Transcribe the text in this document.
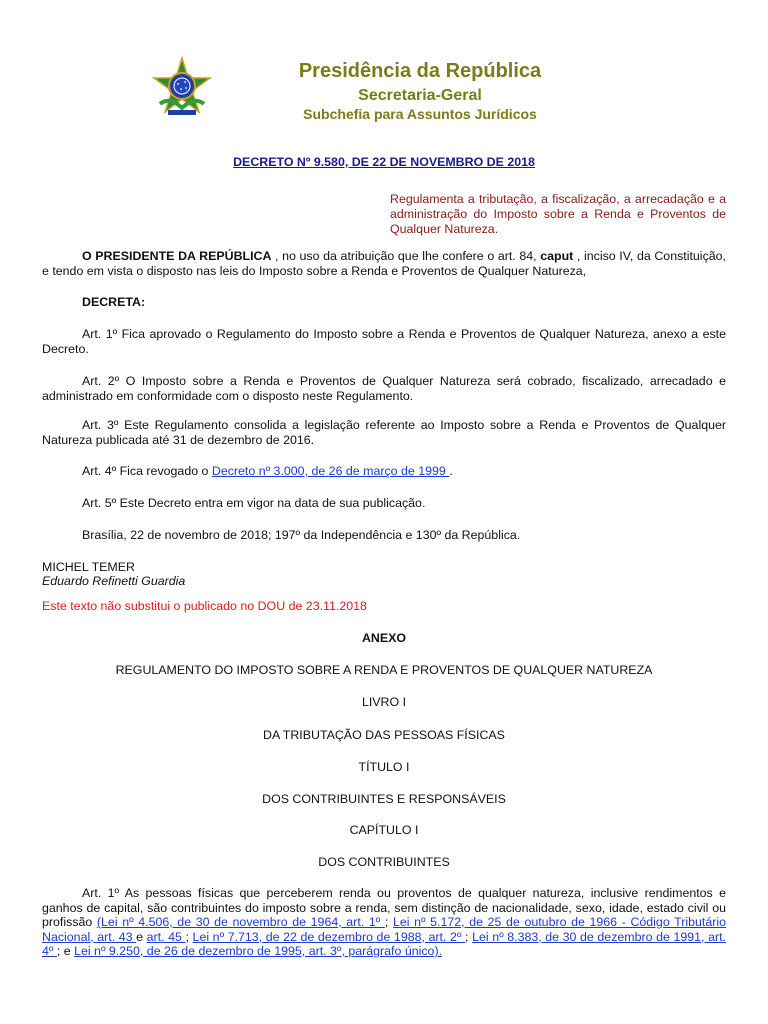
Presidência da República
Secretaria-Geral
Subchefia para Assuntos Jurídicos
DECRETO Nº 9.580, DE 22 DE NOVEMBRO DE 2018
Regulamenta a tributação, a fiscalização, a arrecadação e a administração do Imposto sobre a Renda e Proventos de Qualquer Natureza.
O PRESIDENTE DA REPÚBLICA , no uso da atribuição que lhe confere o art. 84, caput , inciso IV, da Constituição, e tendo em vista o disposto nas leis do Imposto sobre a Renda e Proventos de Qualquer Natureza,
DECRETA:
Art. 1º Fica aprovado o Regulamento do Imposto sobre a Renda e Proventos de Qualquer Natureza, anexo a este Decreto.
Art. 2º O Imposto sobre a Renda e Proventos de Qualquer Natureza será cobrado, fiscalizado, arrecadado e administrado em conformidade com o disposto neste Regulamento.
Art. 3º Este Regulamento consolida a legislação referente ao Imposto sobre a Renda e Proventos de Qualquer Natureza publicada até 31 de dezembro de 2016.
Art. 4º Fica revogado o Decreto nº 3.000, de 26 de março de 1999 .
Art. 5º Este Decreto entra em vigor na data de sua publicação.
Brasília, 22 de novembro de 2018; 197º da Independência e 130º da República.
MICHEL TEMER
Eduardo Refinetti Guardia
Este texto não substitui o publicado no DOU de 23.11.2018
ANEXO
REGULAMENTO DO IMPOSTO SOBRE A RENDA E PROVENTOS DE QUALQUER NATUREZA
LIVRO I
DA TRIBUTAÇÃO DAS PESSOAS FÍSICAS
TÍTULO I
DOS CONTRIBUINTES E RESPONSÁVEIS
CAPÍTULO I
DOS CONTRIBUINTES
Art. 1º As pessoas físicas que perceberem renda ou proventos de qualquer natureza, inclusive rendimentos e ganhos de capital, são contribuintes do imposto sobre a renda, sem distinção de nacionalidade, sexo, idade, estado civil ou profissão (Lei nº 4.506, de 30 de novembro de 1964, art. 1º ; Lei nº 5.172, de 25 de outubro de 1966 - Código Tributário Nacional, art. 43 e art. 45 ; Lei nº 7.713, de 22 de dezembro de 1988, art. 2º ; Lei nº 8.383, de 30 de dezembro de 1991, art. 4º ; e Lei nº 9.250, de 26 de dezembro de 1995, art. 3º, parágrafo único).
